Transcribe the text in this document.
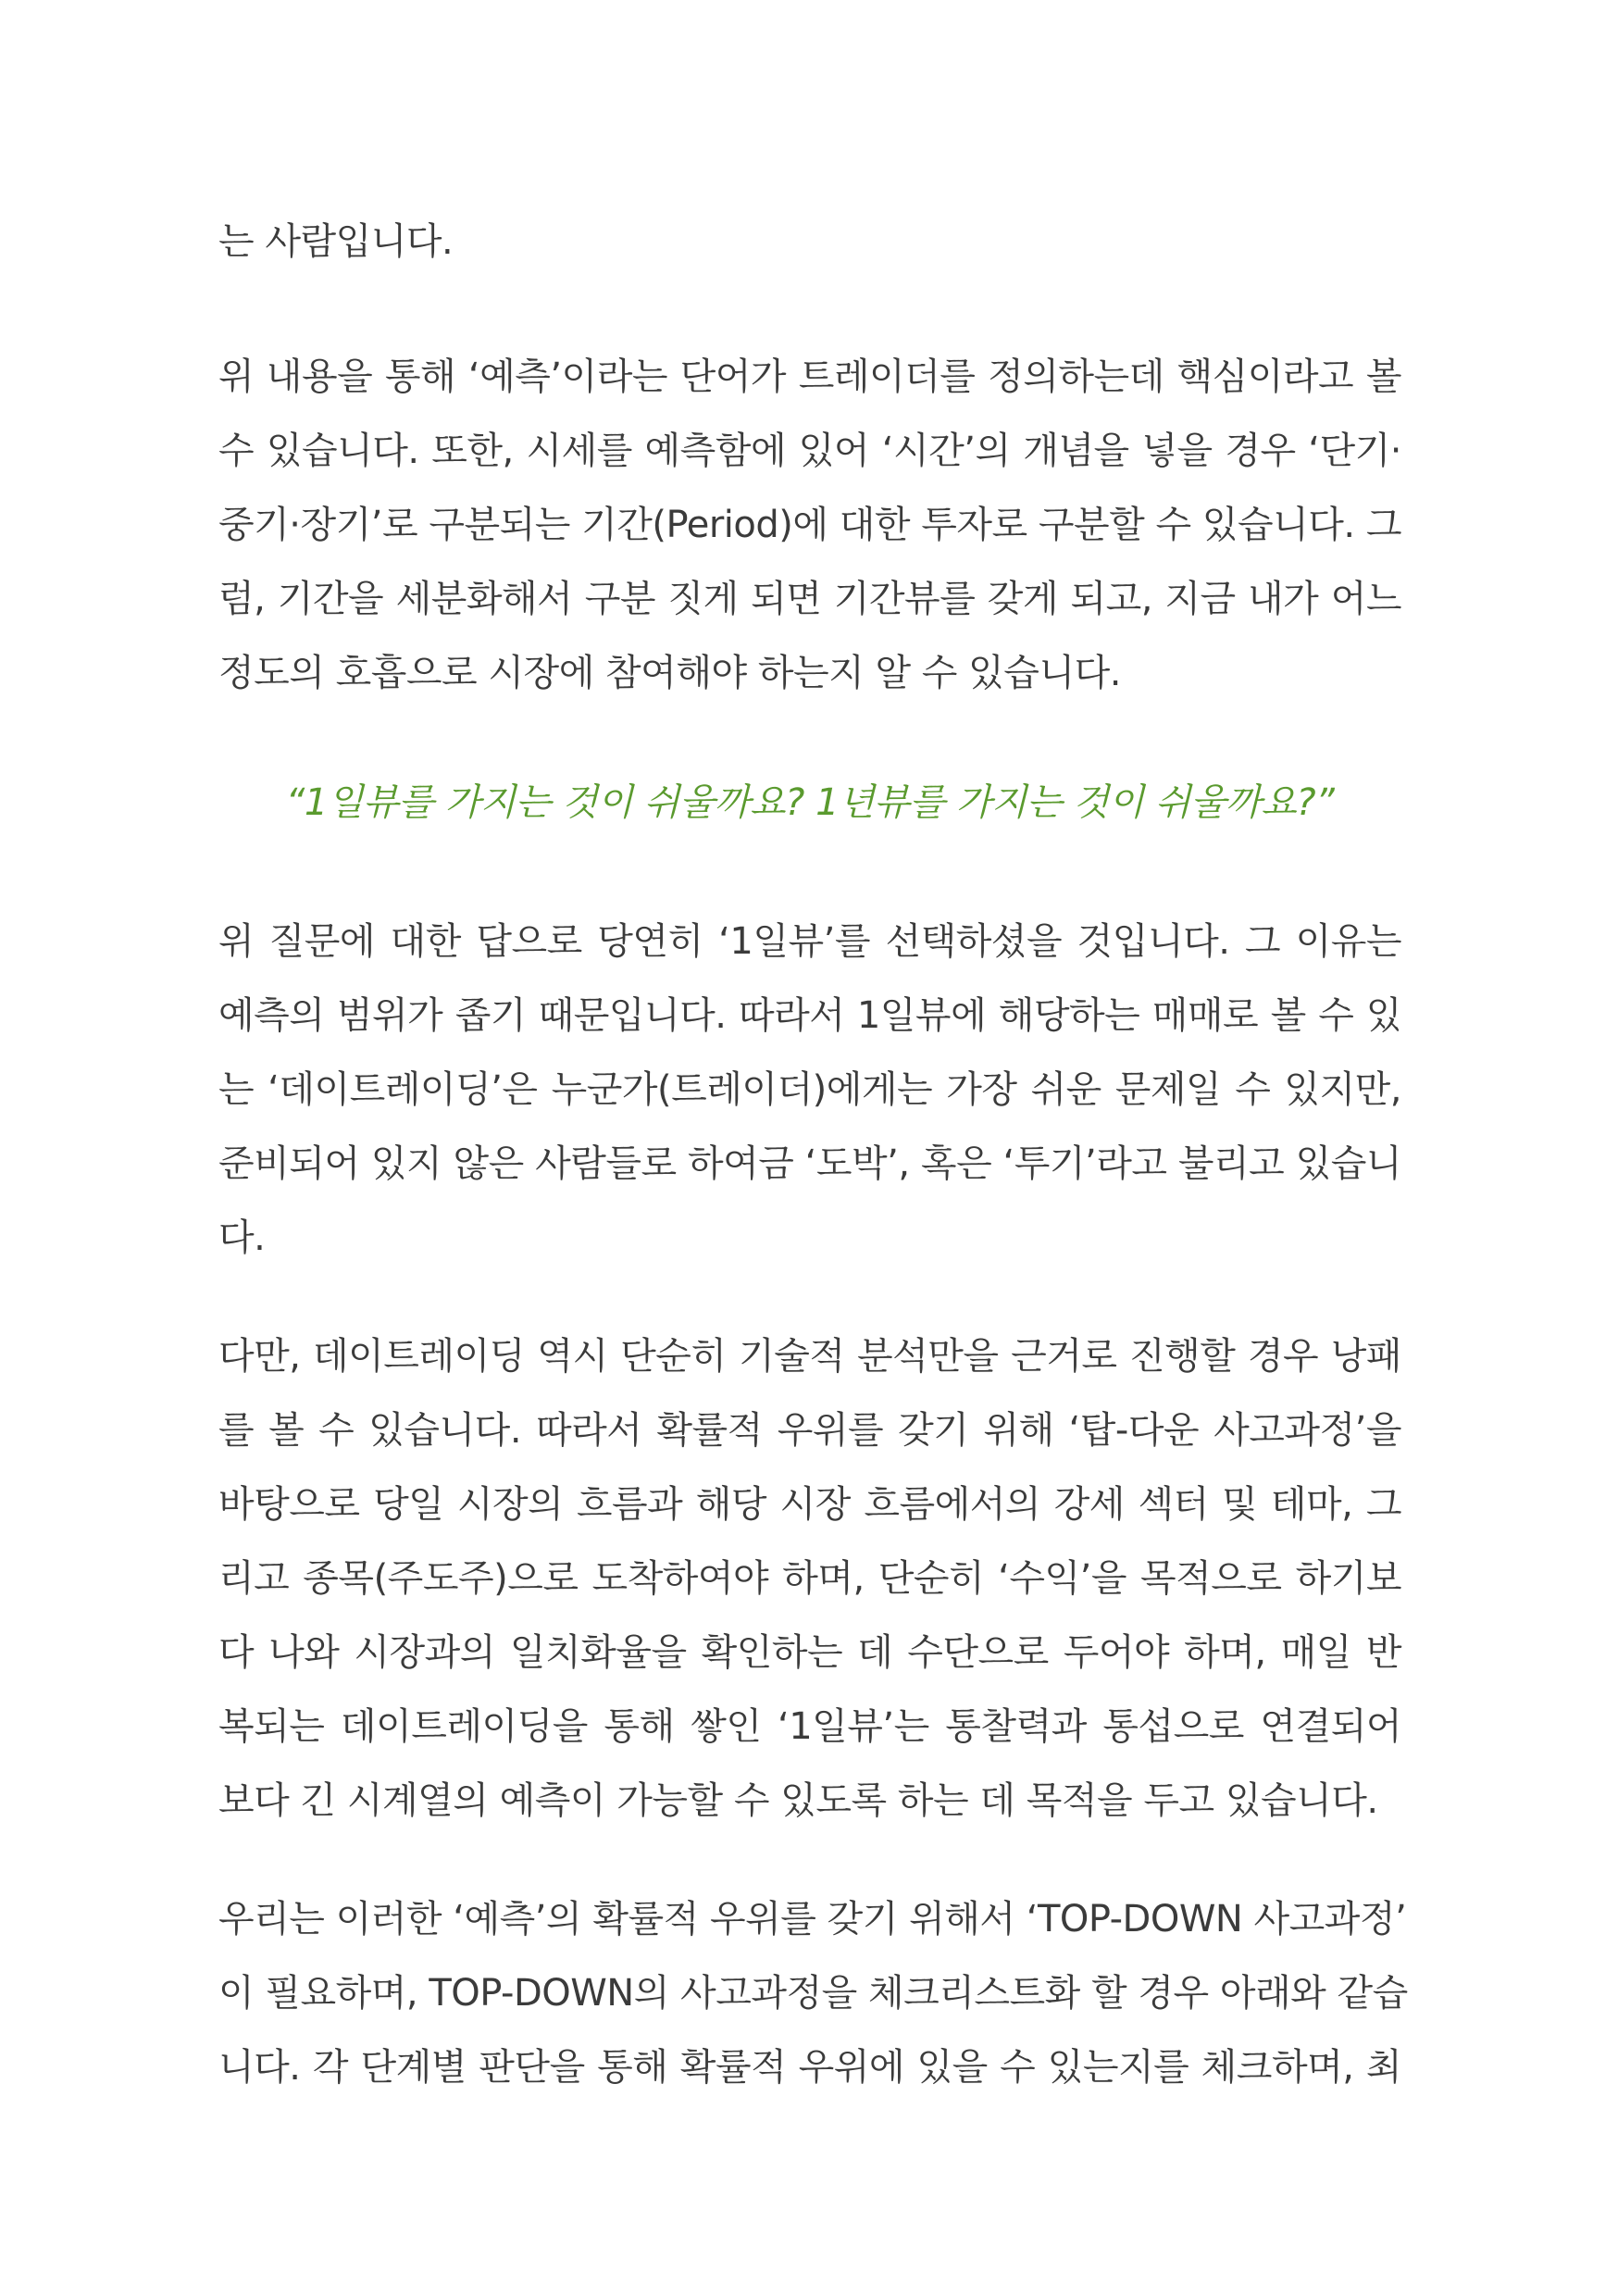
는 사람입니다.
위 내용을 통해 ‘예측’이라는 단어가 트레이더를 정의하는데 핵심이라고 볼
수 있습니다. 또한, 시세를 예측함에 있어 ‘시간’의 개념을 넣을 경우 ‘단기·
중기·장기’로 구분되는 기간(Period)에 대한 투자로 구분할 수 있습니다. 그
럼, 기간을 세분화해서 구분 짓게 되면 기간뷰를 갖게 되고, 지금 내가 어느
정도의 호흡으로 시장에 참여해야 하는지 알 수 있습니다.
“1일뷰를 가지는 것이 쉬울까요? 1년뷰를 가지는 것이 쉬울까요?”
위 질문에 대한 답으로 당연히 ‘1일뷰’를 선택하셨을 것입니다. 그 이유는
예측의 범위가 좁기 때문입니다. 따라서 1일뷰에 해당하는 매매로 볼 수 있
는 ‘데이트레이딩’은 누군가(트레이더)에게는 가장 쉬운 문제일 수 있지만,
준비되어 있지 않은 사람들로 하여금 ‘도박’, 혹은 ‘투기’라고 불리고 있습니
다.
다만, 데이트레이딩 역시 단순히 기술적 분석만을 근거로 진행할 경우 낭패
를 볼 수 있습니다. 따라서 확률적 우위를 갖기 위해 ‘탑-다운 사고과정’을
바탕으로 당일 시장의 흐름과 해당 시장 흐름에서의 강세 섹터 및 테마, 그
리고 종목(주도주)으로 도착하여야 하며, 단순히 ‘수익’을 목적으로 하기보
다 나와 시장과의 일치화율을 확인하는 데 수단으로 두어야 하며, 매일 반
복되는 데이트레이딩을 통해 쌓인 ‘1일뷰’는 통찰력과 통섭으로 연결되어
보다 긴 시계열의 예측이 가능할 수 있도록 하는 데 목적을 두고 있습니다.
우리는 이러한 ‘예측’의 확률적 우위를 갖기 위해서 ‘TOP-DOWN 사고과정’
이 필요하며, TOP-DOWN의 사고과정을 체크리스트화 할 경우 아래와 같습
니다. 각 단계별 판단을 통해 확률적 우위에 있을 수 있는지를 체크하며, 최
